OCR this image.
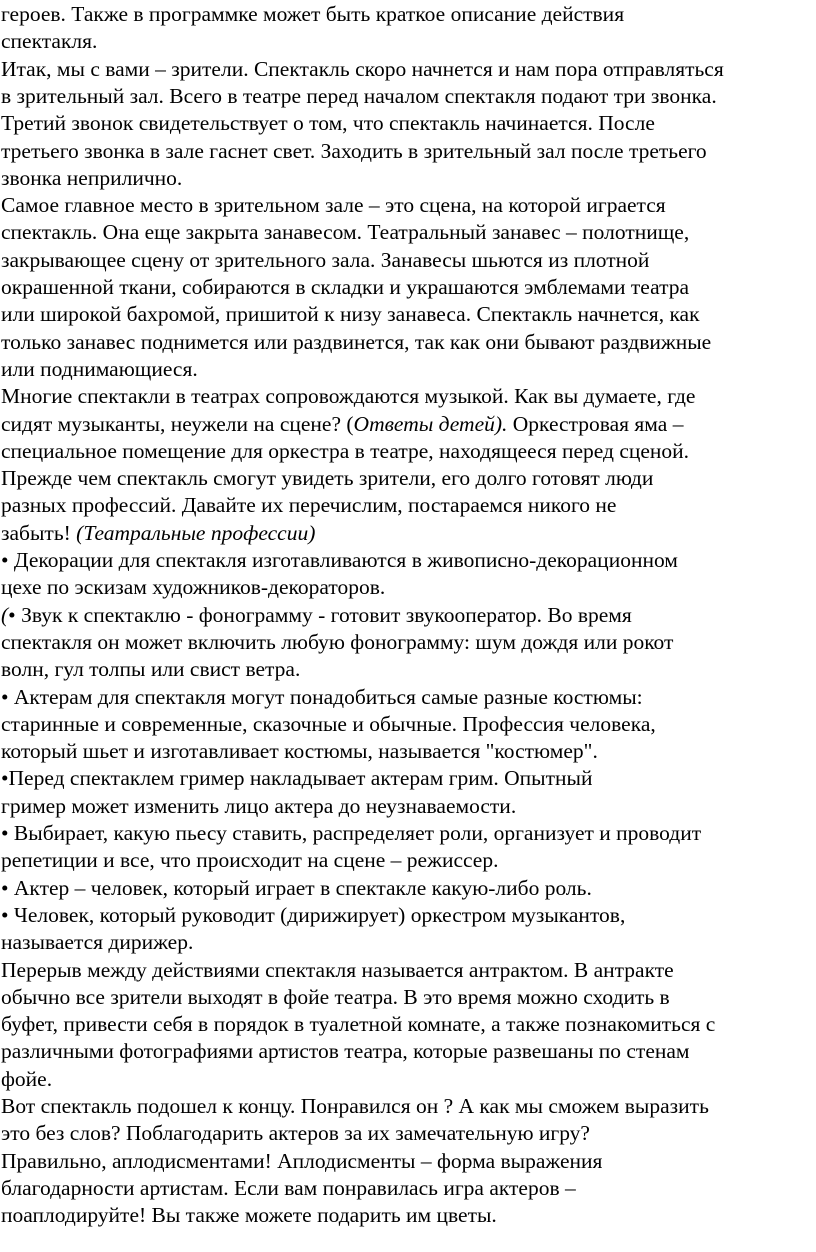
героев. Также в программке может быть краткое описание действия
спектакля.
Итак, мы с вами – зрители. Спектакль скоро начнется и нам пора отправляться
в зрительный зал. Всего в театре перед началом спектакля подают три звонка.
Третий звонок свидетельствует о том, что спектакль начинается. После
третьего звонка в зале гаснет свет. Заходить в зрительный зал после третьего
звонка неприлично.
Самое главное место в зрительном зале – это сцена, на которой играется
спектакль. Она еще закрыта занавесом. Театральный занавес – полотнище,
закрывающее сцену от зрительного зала. Занавесы шьются из плотной
окрашенной ткани, собираются в складки и украшаются эмблемами театра
или широкой бахромой, пришитой к низу занавеса. Спектакль начнется, как
только занавес поднимется или раздвинется, так как они бывают раздвижные
или поднимающиеся.
Многие спектакли в театрах сопровождаются музыкой. Как вы думаете, где
сидят музыканты, неужели на сцене? (Ответы детей). Оркестровая яма –
специальное помещение для оркестра в театре, находящееся перед сценой.
Прежде чем спектакль смогут увидеть зрители, его долго готовят люди
разных профессий. Давайте их перечислим, постараемся никого не
забыть! (Театральные профессии)
• Декорации для спектакля изготавливаются в живописно-декорационном
цехе по эскизам художников-декораторов.
(• Звук к спектаклю - фонограмму - готовит звукооператор. Во время
спектакля он может включить любую фонограмму: шум дождя или рокот
волн, гул толпы или свист ветра.
• Актерам для спектакля могут понадобиться самые разные костюмы:
старинные и современные, сказочные и обычные. Профессия человека,
который шьет и изготавливает костюмы, называется "костюмер".
•Перед спектаклем гример накладывает актерам грим. Опытный
гример может изменить лицо актера до неузнаваемости.
• Выбирает, какую пьесу ставить, распределяет роли, организует и проводит
репетиции и все, что происходит на сцене – режиссер.
• Актер – человек, который играет в спектакле какую-либо роль.
• Человек, который руководит (дирижирует) оркестром музыкантов,
называется дирижер.
Перерыв между действиями спектакля называется антрактом. В антракте
обычно все зрители выходят в фойе театра. В это время можно сходить в
буфет, привести себя в порядок в туалетной комнате, а также познакомиться с
различными фотографиями артистов театра, которые развешаны по стенам
фойе.
Вот спектакль подошел к концу. Понравился он ? А как мы сможем выразить
это без слов? Поблагодарить актеров за их замечательную игру?
Правильно, аплодисментами! Аплодисменты – форма выражения
благодарности артистам. Если вам понравилась игра актеров –
поаплодируйте! Вы также можете подарить им цветы.
